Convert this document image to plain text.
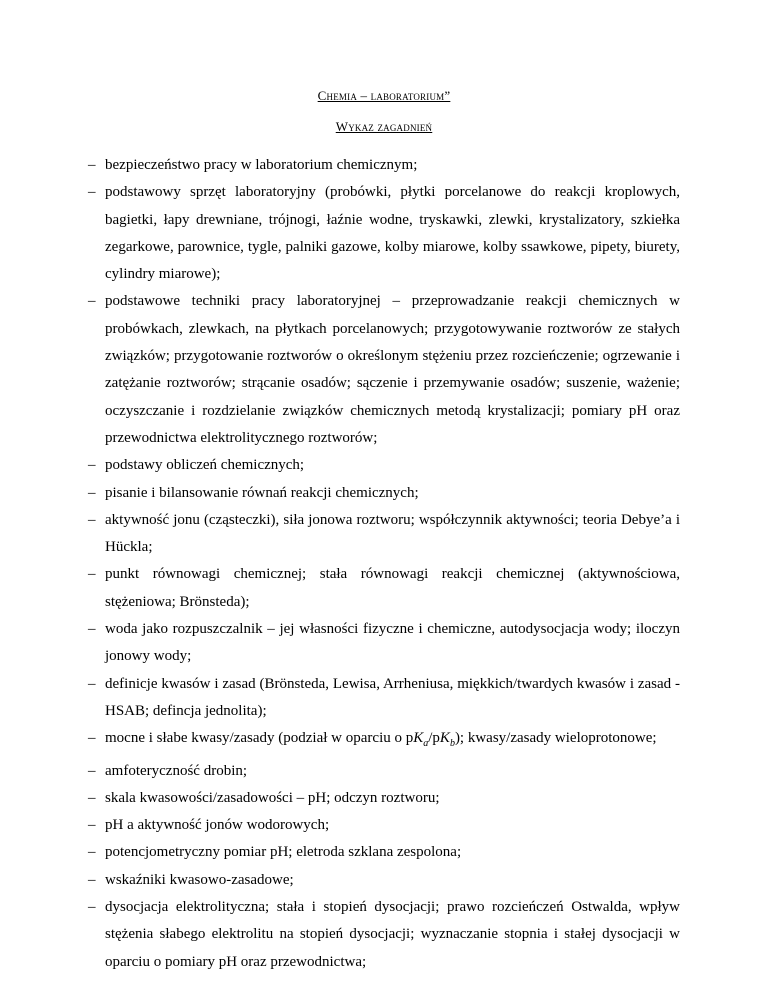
Chemia – laboratorium”
Wykaz zagadnień
– bezpieczeństwo pracy w laboratorium chemicznym;
– podstawowy sprzęt laboratoryjny (probówki, płytki porcelanowe do reakcji kroplowych, bagietki, łapy drewniane, trójnogi, łaźnie wodne, tryskawki, zlewki, krystalizatory, szkiełka zegarkowe, parownice, tygle, palniki gazowe, kolby miarowe, kolby ssawkowe, pipety, biurety, cylindry miarowe);
– podstawowe techniki pracy laboratoryjnej – przeprowadzanie reakcji chemicznych w probówkach, zlewkach, na płytkach porcelanowych; przygotowywanie roztworów ze stałych związków; przygotowanie roztworów o określonym stężeniu przez rozcieńczenie; ogrzewanie i zatężanie roztworów; strącanie osadów; sączenie i przemywanie osadów; suszenie, ważenie; oczyszczanie i rozdzielanie związków chemicznych metodą krystalizacji; pomiary pH oraz przewodnictwa elektrolitycznego roztworów;
– podstawy obliczeń chemicznych;
– pisanie i bilansowanie równań reakcji chemicznych;
– aktywność jonu (cząsteczki), siła jonowa roztworu; współczynnik aktywności; teoria Debye’a i Hückla;
– punkt równowagi chemicznej; stała równowagi reakcji chemicznej (aktywnościowa, stężeniowa; Brönsteda);
– woda jako rozpuszczalnik – jej własności fizyczne i chemiczne, autodysocjacja wody; iloczyn jonowy wody;
– definicje kwasów i zasad (Brönsteda, Lewisa, Arrheniusa, miękkich/twardych kwasów i zasad - HSAB; defincja jednolita);
– mocne i słabe kwasy/zasady (podział w oparciu o $pK_a/pK_b$); kwasy/zasady wieloprotonowe;
– amfoteryczność drobin;
– skala kwasowości/zasadowości – pH; odczyn roztworu;
– pH a aktywność jonów wodorowych;
– potencjometryczny pomiar pH; eletroda szklana zespolona;
– wskaźniki kwasowo-zasadowe;
– dysocjacja elektrolityczna; stała i stopień dysocjacji; prawo rozcieńczeń Ostwalda, wpływ stężenia słabego elektrolitu na stopień dysocjacji; wyznaczanie stopnia i stałej dysocjacji w oparciu o pomiary pH oraz przewodnictwa;
